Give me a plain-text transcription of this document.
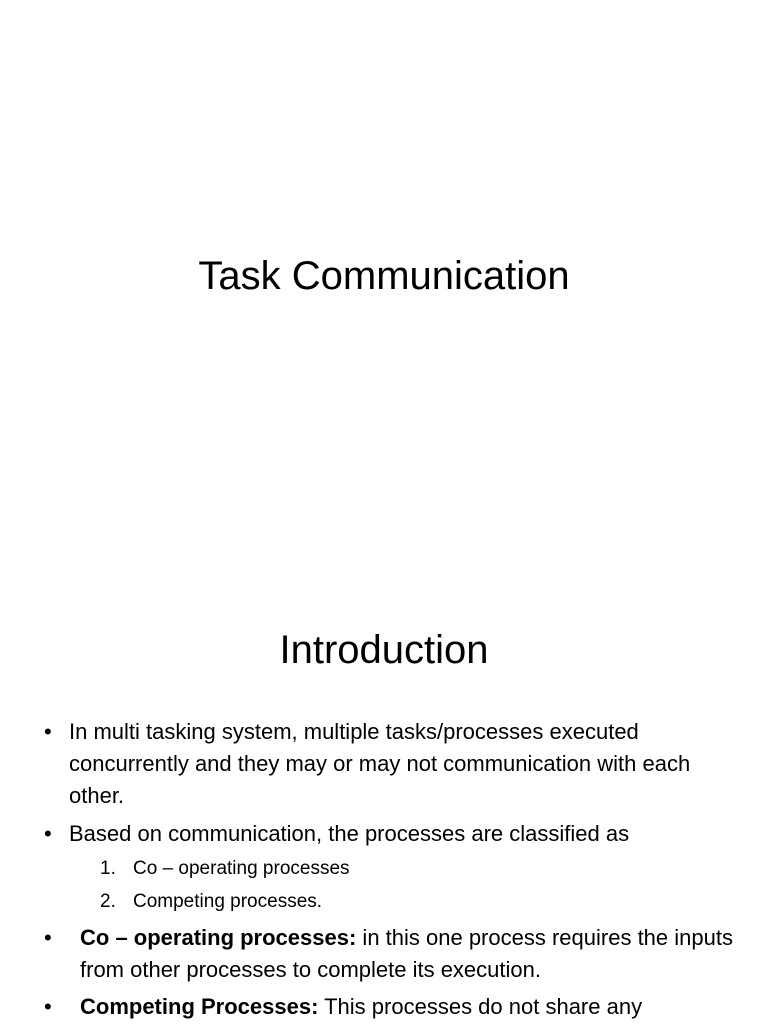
Task Communication
Introduction
• In multi tasking system, multiple tasks/processes executed concurrently and they may or may not communication with each other.
• Based on communication, the processes are classified as
1. Co – operating processes
2. Competing processes.
• Co – operating processes: in this one process requires the inputs from other processes to complete its execution.
• Competing Processes: This processes do not share any
